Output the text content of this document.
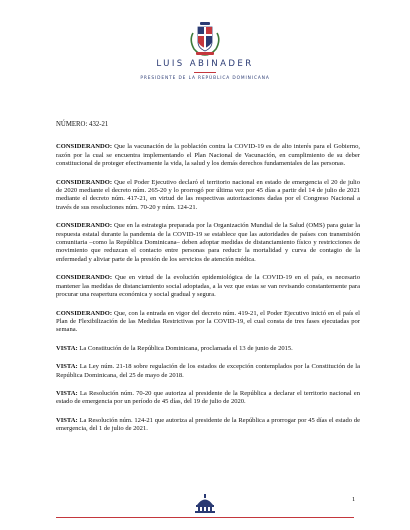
LUIS ABINADER
PRESIDENTE DE LA REPÚBLICA DOMINICANA
NÚMERO: 432-21

CONSIDERANDO: Que la vacunación de la población contra la COVID-19 es de alto interés para el Gobierno, razón por la cual se encuentra implementando el Plan Nacional de Vacunación, en cumplimiento de su deber constitucional de proteger efectivamente la vida, la salud y los demás derechos fundamentales de las personas.

CONSIDERANDO: Que el Poder Ejecutivo declaró el territorio nacional en estado de emergencia el 20 de julio de 2020 mediante el decreto núm. 265-20 y lo prorrogó por última vez por 45 días a partir del 14 de julio de 2021 mediante el decreto núm. 417-21, en virtud de las respectivas autorizaciones dadas por el Congreso Nacional a través de sus resoluciones núm. 70-20 y núm. 124-21.

CONSIDERANDO: Que en la estrategia preparada por la Organización Mundial de la Salud (OMS) para guiar la respuesta estatal durante la pandemia de la COVID-19 se establece que las autoridades de países con transmisión comunitaria –como la República Dominicana– deben adoptar medidas de distanciamiento físico y restricciones de movimiento que reduzcan el contacto entre personas para reducir la mortalidad y curva de contagio de la enfermedad y aliviar parte de la presión de los servicios de atención médica.

CONSIDERANDO: Que en virtud de la evolución epidemiológica de la COVID-19 en el país, es necesario mantener las medidas de distanciamiento social adoptadas, a la vez que estas se van revisando constantemente para procurar una reapertura económica y social gradual y segura.

CONSIDERANDO: Que, con la entrada en vigor del decreto núm. 419-21, el Poder Ejecutivo inició en el país el Plan de Flexibilización de las Medidas Restrictivas por la COVID-19, el cual consta de tres fases ejecutadas por semana.

VISTA: La Constitución de la República Dominicana, proclamada el 13 de junio de 2015.

VISTA: La Ley núm. 21-18 sobre regulación de los estados de excepción contemplados por la Constitución de la República Dominicana, del 25 de mayo de 2018.

VISTA: La Resolución núm. 70-20 que autoriza al presidente de la República a declarar el territorio nacional en estado de emergencia por un período de 45 días, del 19 de julio de 2020.

VISTA: La Resolución núm. 124-21 que autoriza al presidente de la República a prorrogar por 45 días el estado de emergencia, del 1 de julio de 2021.

1
